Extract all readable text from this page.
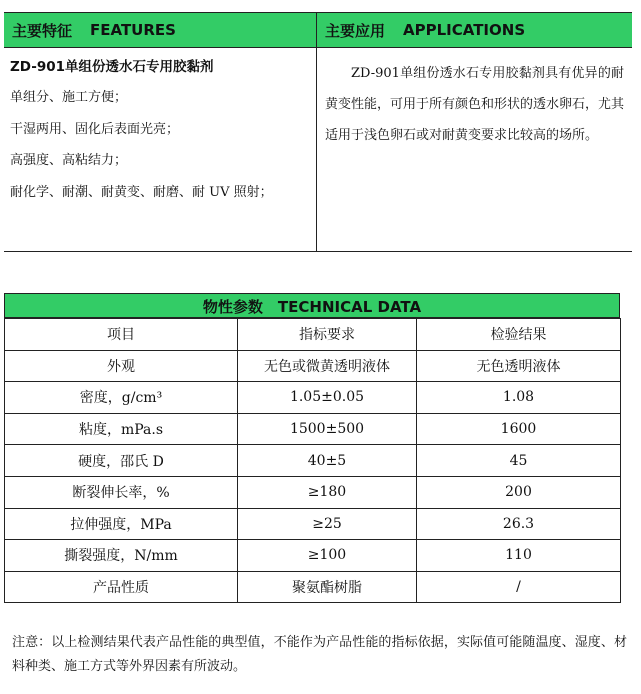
主要特征 FEATURES	主要应用 APPLICATIONS

ZD-901单组份透水石专用胶黏剂

单组分、施工方便；

干湿两用、固化后表面光亮；

高强度、高粘结力；

耐化学、耐潮、耐黄变、耐磨、耐 UV 照射；

ZD-901单组份透水石专用胶黏剂具有优异的耐黄变性能，可用于所有颜色和形状的透水卵石，尤其适用于浅色卵石或对耐黄变要求比较高的场所。

物性参数　TECHNICAL DATA
项目	指标要求	检验结果
外观	无色或微黄透明液体	无色透明液体
密度，g/cm³	1.05±0.05	1.08
粘度，mPa.s	1500±500	1600
硬度，邵氏 D	40±5	45
断裂伸长率，%	≥180	200
拉伸强度，MPa	≥25	26.3
撕裂强度，N/mm	≥100	110
产品性质	聚氨酯树脂	/

注意：以上检测结果代表产品性能的典型值，不能作为产品性能的指标依据，实际值可能随温度、湿度、材料种类、施工方式等外界因素有所波动。
